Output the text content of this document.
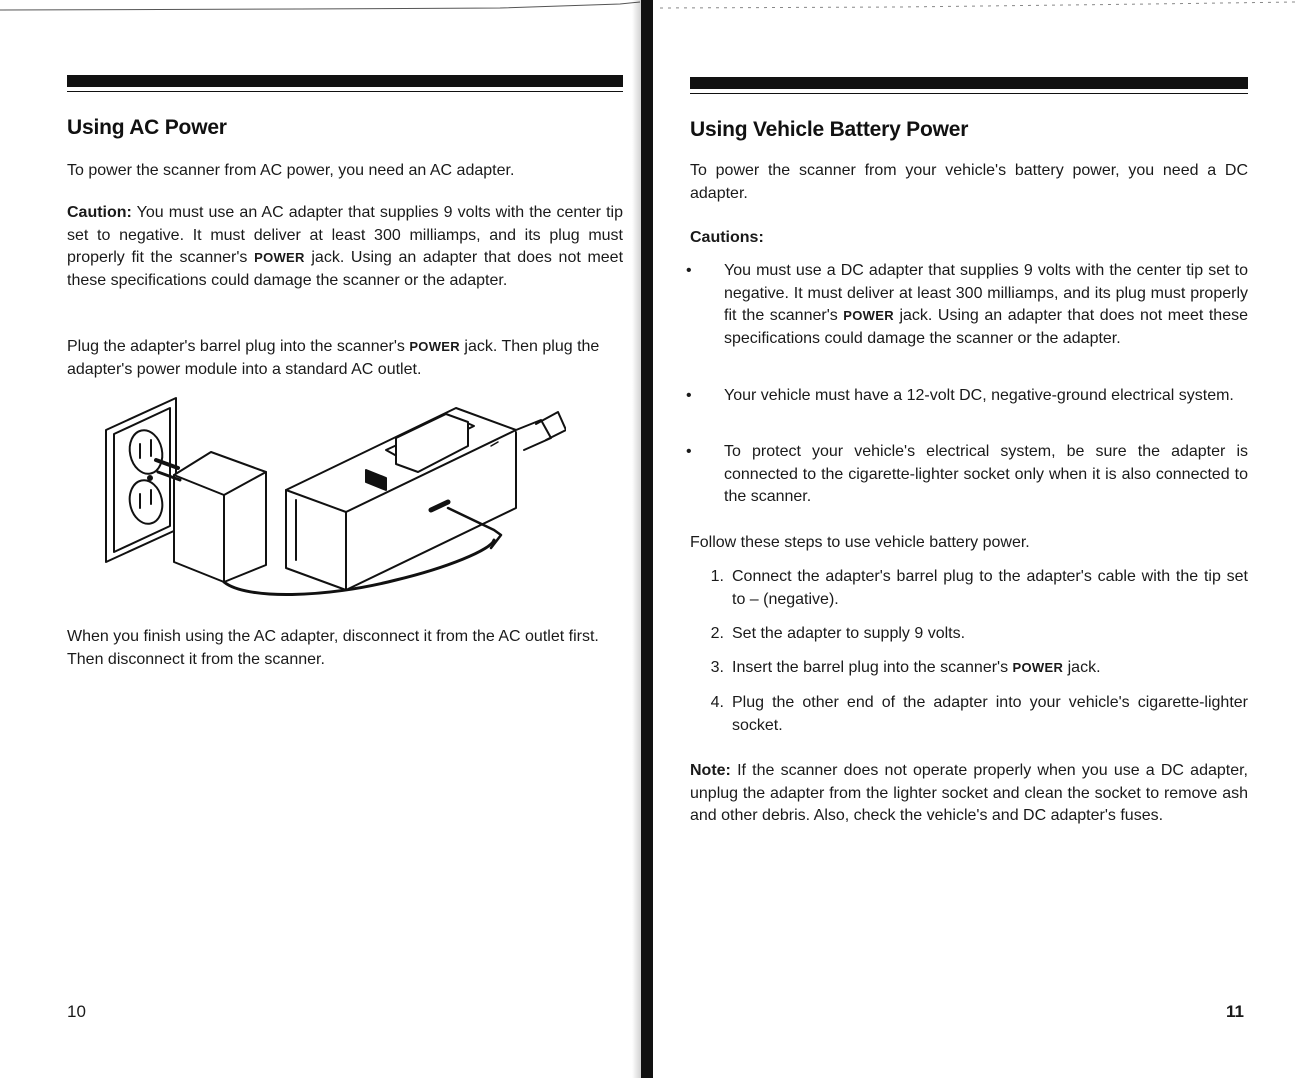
Using AC Power

To power the scanner from AC power, you need an AC adapter.

Caution: You must use an AC adapter that supplies 9 volts with the center tip set to negative. It must deliver at least 300 milliamps, and its plug must properly fit the scanner's POWER jack. Using an adapter that does not meet these specifications could damage the scanner or the adapter.

Plug the adapter's barrel plug into the scanner's POWER jack. Then plug the adapter's power module into a standard AC outlet.

When you finish using the AC adapter, disconnect it from the AC outlet first. Then disconnect it from the scanner.

10
Using Vehicle Battery Power

To power the scanner from your vehicle's battery power, you need a DC adapter.

Cautions:

•	You must use a DC adapter that supplies 9 volts with the center tip set to negative. It must deliver at least 300 milliamps, and its plug must properly fit the scanner's POWER jack. Using an adapter that does not meet these specifications could damage the scanner or the adapter.
•	Your vehicle must have a 12-volt DC, negative-ground electrical system.
•	To protect your vehicle's electrical system, be sure the adapter is connected to the cigarette-lighter socket only when it is also connected to the scanner.

Follow these steps to use vehicle battery power.

1. Connect the adapter's barrel plug to the adapter's cable with the tip set to – (negative).
2. Set the adapter to supply 9 volts.
3. Insert the barrel plug into the scanner's POWER jack.
4. Plug the other end of the adapter into your vehicle's cigarette-lighter socket.

Note: If the scanner does not operate properly when you use a DC adapter, unplug the adapter from the lighter socket and clean the socket to remove ash and other debris. Also, check the vehicle's and DC adapter's fuses.

11
